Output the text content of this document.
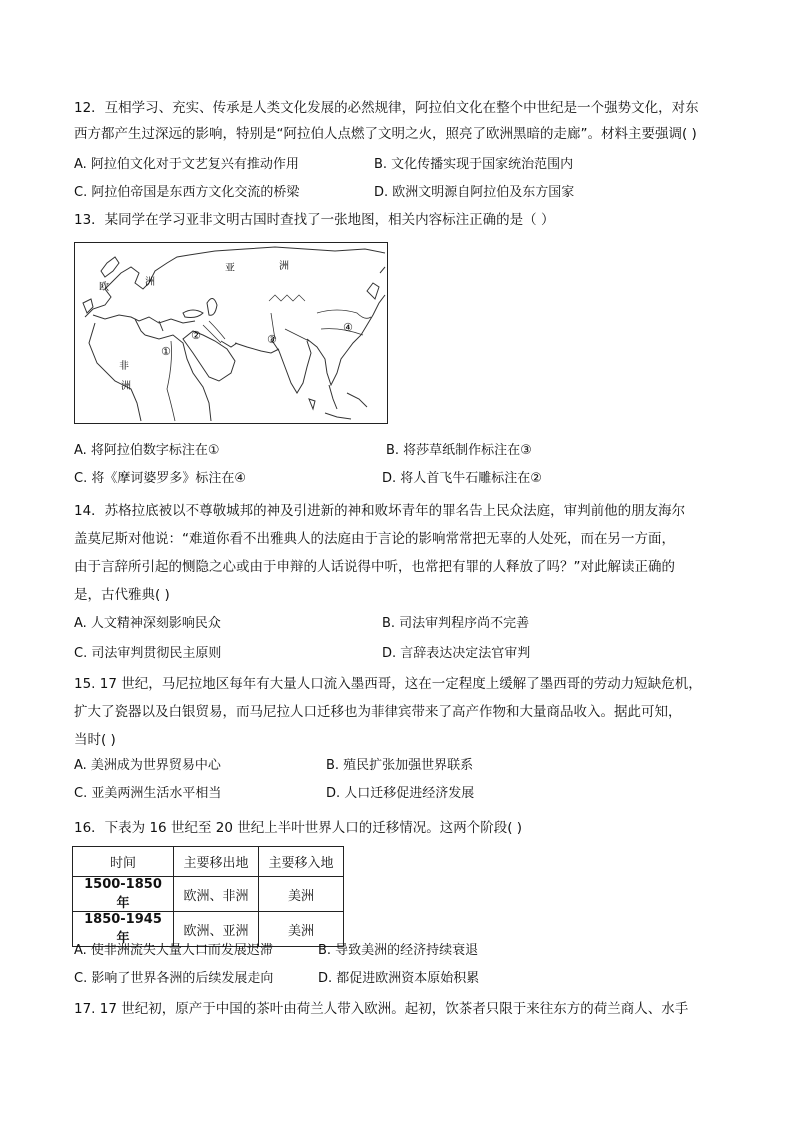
12．互相学习、充实、传承是人类文化发展的必然规律，阿拉伯文化在整个中世纪是一个强势文化，对东
西方都产生过深远的影响，特别是“阿拉伯人点燃了文明之火，照亮了欧洲黑暗的走廊”。材料主要强调( )
A. 阿拉伯文化对于文艺复兴有推动作用	B. 文化传播实现于国家统治范围内
C. 阿拉伯帝国是东西方文化交流的桥梁	D. 欧洲文明源自阿拉伯及东方国家
13．某同学在学习亚非文明古国时查找了一张地图，相关内容标注正确的是（ ）
欧	洲
亚	洲
非
洲
①
②	③
④
A. 将阿拉伯数字标注在①	B. 将莎草纸制作标注在③
C. 将《摩诃婆罗多》标注在④	D. 将人首飞牛石雕标注在②
14．苏格拉底被以不尊敬城邦的神及引进新的神和败坏青年的罪名告上民众法庭，审判前他的朋友海尔
盖莫尼斯对他说：“难道你看不出雅典人的法庭由于言论的影响常常把无辜的人处死，而在另一方面，
由于言辞所引起的恻隐之心或由于申辩的人话说得中听，也常把有罪的人释放了吗？”对此解读正确的
是，古代雅典( )
A. 人文精神深刻影响民众	B. 司法审判程序尚不完善
C. 司法审判贯彻民主原则	D. 言辞表达决定法官审判
15. 17 世纪，马尼拉地区每年有大量人口流入墨西哥，这在一定程度上缓解了墨西哥的劳动力短缺危机，
扩大了瓷器以及白银贸易，而马尼拉人口迁移也为菲律宾带来了高产作物和大量商品收入。据此可知，
当时( )
A. 美洲成为世界贸易中心	B. 殖民扩张加强世界联系
C. 亚美两洲生活水平相当	D. 人口迁移促进经济发展
16．下表为 16 世纪至 20 世纪上半叶世界人口的迁移情况。这两个阶段( )
时间	主要移出地	主要移入地
1500-1850 年	欧洲、非洲	美洲
1850-1945 年	欧洲、亚洲	美洲
A. 使非洲流失大量人口而发展迟滞	B. 导致美洲的经济持续衰退
C. 影响了世界各洲的后续发展走向	D. 都促进欧洲资本原始积累
17. 17 世纪初，原产于中国的茶叶由荷兰人带入欧洲。起初，饮茶者只限于来往东方的荷兰商人、水手
